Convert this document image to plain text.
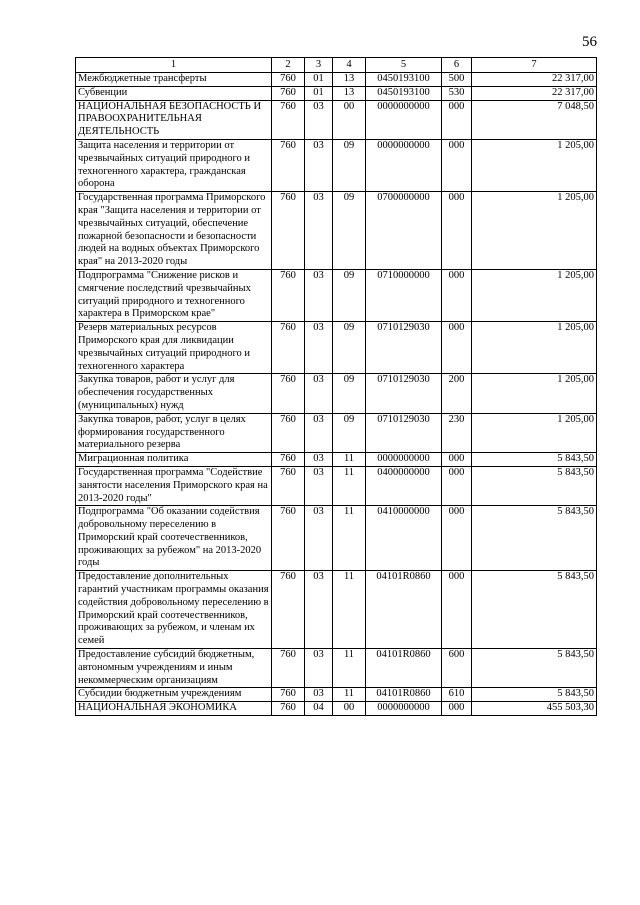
56
1	2	3	4	5	6	7
Межбюджетные трансферты	760	01	13	0450193100	500	22 317,00
Субвенции	760	01	13	0450193100	530	22 317,00
НАЦИОНАЛЬНАЯ БЕЗОПАСНОСТЬ И ПРАВООХРАНИТЕЛЬНАЯ ДЕЯТЕЛЬНОСТЬ	760	03	00	0000000000	000	7 048,50
Защита населения и территории от чрезвычайных ситуаций природного и техногенного характера, гражданская оборона	760	03	09	0000000000	000	1 205,00
Государственная программа Приморского края "Защита населения и территории от чрезвычайных ситуаций, обеспечение пожарной безопасности и безопасности людей на водных объектах Приморского края" на 2013-2020 годы	760	03	09	0700000000	000	1 205,00
Подпрограмма "Снижение рисков и смягчение последствий чрезвычайных ситуаций природного и техногенного характера в Приморском крае"	760	03	09	0710000000	000	1 205,00
Резерв материальных ресурсов Приморского края для ликвидации чрезвычайных ситуаций природного и техногенного характера	760	03	09	0710129030	000	1 205,00
Закупка товаров, работ и услуг для обеспечения государственных (муниципальных) нужд	760	03	09	0710129030	200	1 205,00
Закупка товаров, работ, услуг в целях формирования государственного материального резерва	760	03	09	0710129030	230	1 205,00
Миграционная политика	760	03	11	0000000000	000	5 843,50
Государственная программа "Содействие занятости населения Приморского края на 2013-2020 годы"	760	03	11	0400000000	000	5 843,50
Подпрограмма "Об оказании содействия добровольному переселению в Приморский край соотечественников, проживающих за рубежом" на 2013-2020 годы	760	03	11	0410000000	000	5 843,50
Предоставление дополнительных гарантий участникам программы оказания содействия добровольному переселению в Приморский край соотечественников, проживающих за рубежом, и членам их семей	760	03	11	04101R0860	000	5 843,50
Предоставление субсидий бюджетным, автономным учреждениям и иным некоммерческим организациям	760	03	11	04101R0860	600	5 843,50
Субсидии бюджетным учреждениям	760	03	11	04101R0860	610	5 843,50
НАЦИОНАЛЬНАЯ ЭКОНОМИКА	760	04	00	0000000000	000	455 503,30
